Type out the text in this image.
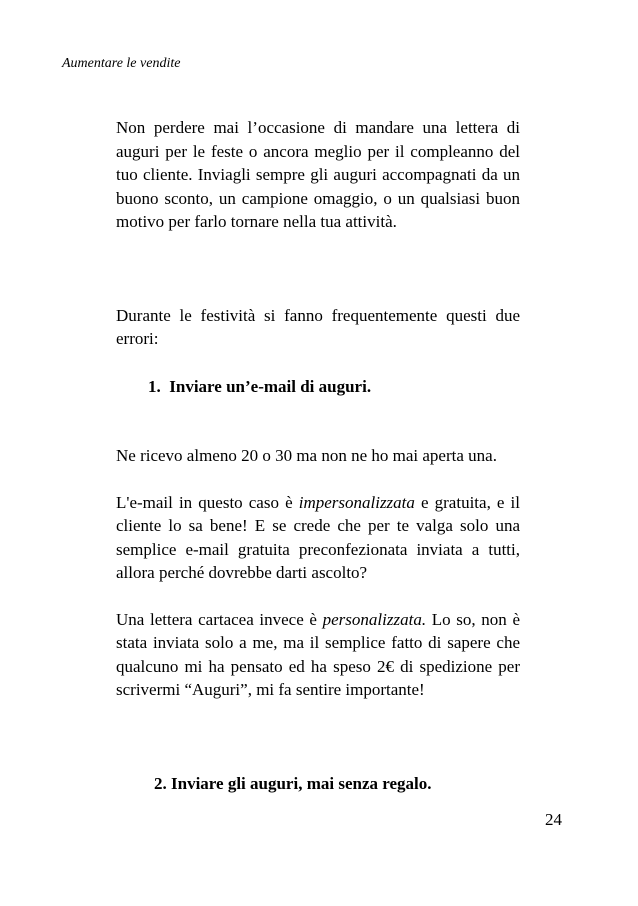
Aumentare le vendite

Non perdere mai l’occasione di mandare una lettera di auguri per le feste o ancora meglio per il compleanno del tuo cliente. Inviagli sempre gli auguri accompagnati da un buono sconto, un campione omaggio, o un qualsiasi buon motivo per farlo tornare nella tua attività.

Durante le festività si fanno frequentemente questi due errori:

1.  Inviare un’e-mail di auguri.

Ne ricevo almeno 20 o 30 ma non ne ho mai aperta una.

L'e-mail in questo caso è impersonalizzata e gratuita, e il cliente lo sa bene! E se crede che per te valga solo una semplice e-mail gratuita preconfezionata inviata a tutti, allora perché dovrebbe darti ascolto?

Una lettera cartacea invece è personalizzata. Lo so, non è stata inviata solo a me, ma il semplice fatto di sapere che qualcuno mi ha pensato ed ha speso 2€ di spedizione per scrivermi “Auguri”, mi fa sentire importante!

2. Inviare gli auguri, mai senza regalo.

24
